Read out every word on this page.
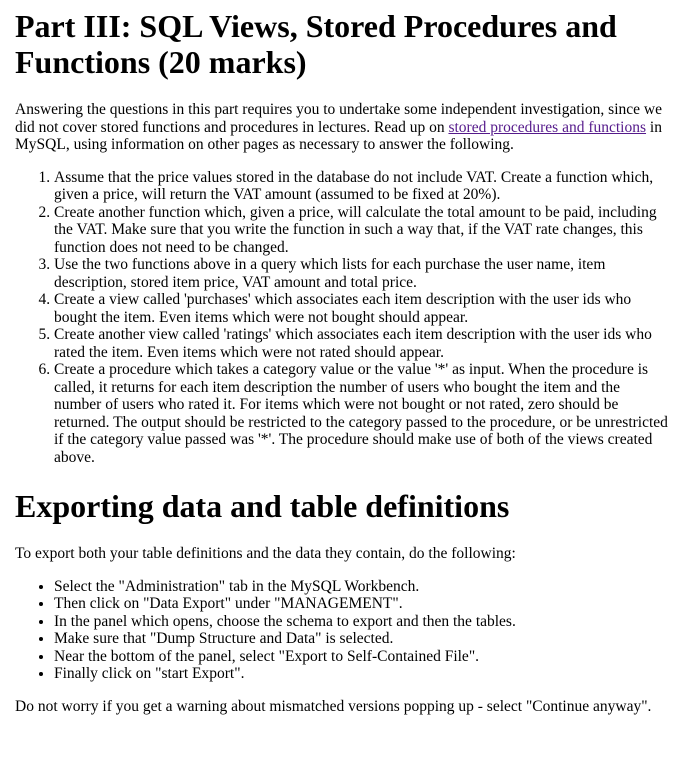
Part III: SQL Views, Stored Procedures and Functions (20 marks)

Answering the questions in this part requires you to undertake some independent investigation, since we did not cover stored functions and procedures in lectures. Read up on stored procedures and functions in MySQL, using information on other pages as necessary to answer the following.

1. Assume that the price values stored in the database do not include VAT. Create a function which, given a price, will return the VAT amount (assumed to be fixed at 20%).
2. Create another function which, given a price, will calculate the total amount to be paid, including the VAT. Make sure that you write the function in such a way that, if the VAT rate changes, this function does not need to be changed.
3. Use the two functions above in a query which lists for each purchase the user name, item description, stored item price, VAT amount and total price.
4. Create a view called 'purchases' which associates each item description with the user ids who bought the item. Even items which were not bought should appear.
5. Create another view called 'ratings' which associates each item description with the user ids who rated the item. Even items which were not rated should appear.
6. Create a procedure which takes a category value or the value '*' as input. When the procedure is called, it returns for each item description the number of users who bought the item and the number of users who rated it. For items which were not bought or not rated, zero should be returned. The output should be restricted to the category passed to the procedure, or be unrestricted if the category value passed was '*'. The procedure should make use of both of the views created above.
Exporting data and table definitions

To export both your table definitions and the data they contain, do the following:

• Select the "Administration" tab in the MySQL Workbench.
• Then click on "Data Export" under "MANAGEMENT".
• In the panel which opens, choose the schema to export and then the tables.
• Make sure that "Dump Structure and Data" is selected.
• Near the bottom of the panel, select "Export to Self-Contained File".
• Finally click on "start Export".

Do not worry if you get a warning about mismatched versions popping up - select "Continue anyway".
